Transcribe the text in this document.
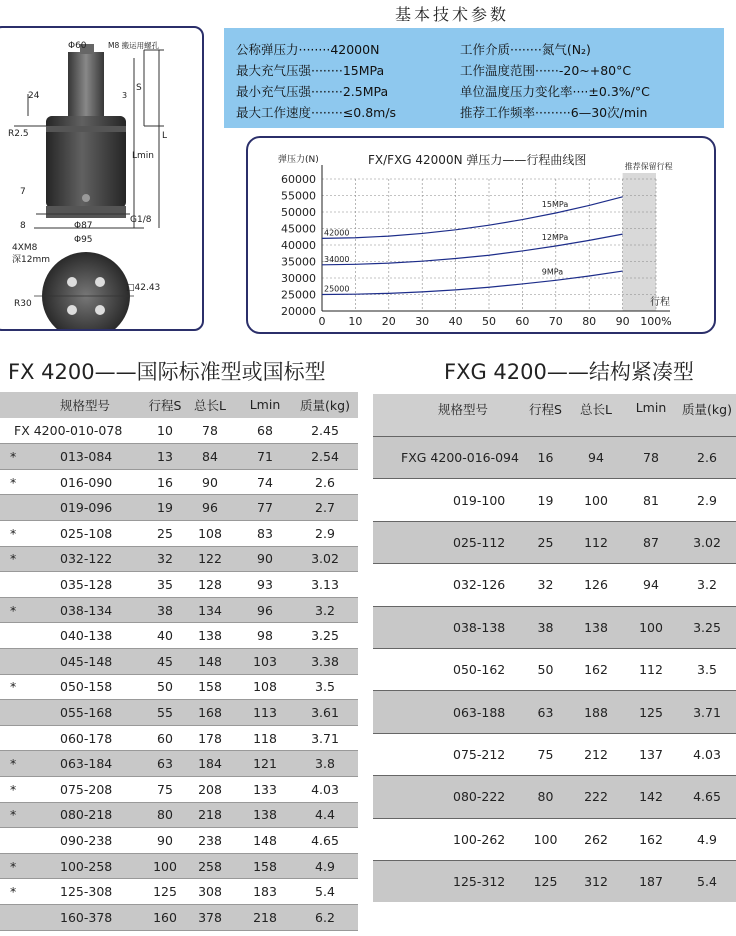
Φ60	M8 搬运用螺孔
24
S
3
L
Lmin
R2.5
7
8	Φ87
G1/8
Φ95
4XM8
深12mm
R30
□42.43
基本技术参数
公称弹压力········42000N	工作介质········氮气(N₂)
最大充气压强········15MPa	工作温度范围······-20~+80°C
最小充气压强········2.5MPa	单位温度压力变化率····±0.3%/°C
最大工作速度········≤0.8m/s	推荐工作频率·········6—30次/min
60000
55000
50000
45000
40000
35000
30000
25000
20000
0 10 20 30 40 50 60 70 80 90 100%
FX/FXG 42000N 弹压力——行程曲线图
弹压力(N)
行程
推荐保留行程
42000
15MPa
34000
12MPa
25000
9MPa
FX 4200——国际标准型或国标型	FXG 4200——结构紧凑型
规格型号	行程S	总长L	Lmin	质量(kg)
FX 4200-010-078	10	78	68	2.45
*	013-084	13	84	71	2.54
*	016-090	16	90	74	2.6
019-096	19	96	77	2.7
*	025-108	25	108	83	2.9
*	032-122	32	122	90	3.02
035-128	35	128	93	3.13
*	038-134	38	134	96	3.2
040-138	40	138	98	3.25
045-148	45	148	103	3.38
*	050-158	50	158	108	3.5
055-168	55	168	113	3.61
060-178	60	178	118	3.71
*	063-184	63	184	121	3.8
*	075-208	75	208	133	4.03
*	080-218	80	218	138	4.4
090-238	90	238	148	4.65
*	100-258	100	258	158	4.9
*	125-308	125	308	183	5.4
160-378	160	378	218	6.2
规格型号	行程S	总长L	Lmin	质量(kg)
FXG 4200-016-094	16	94	78	2.6
019-100	19	100	81	2.9
025-112	25	112	87	3.02
032-126	32	126	94	3.2
038-138	38	138	100	3.25
050-162	50	162	112	3.5
063-188	63	188	125	3.71
075-212	75	212	137	4.03
080-222	80	222	142	4.65
100-262	100	262	162	4.9
125-312	125	312	187	5.4
